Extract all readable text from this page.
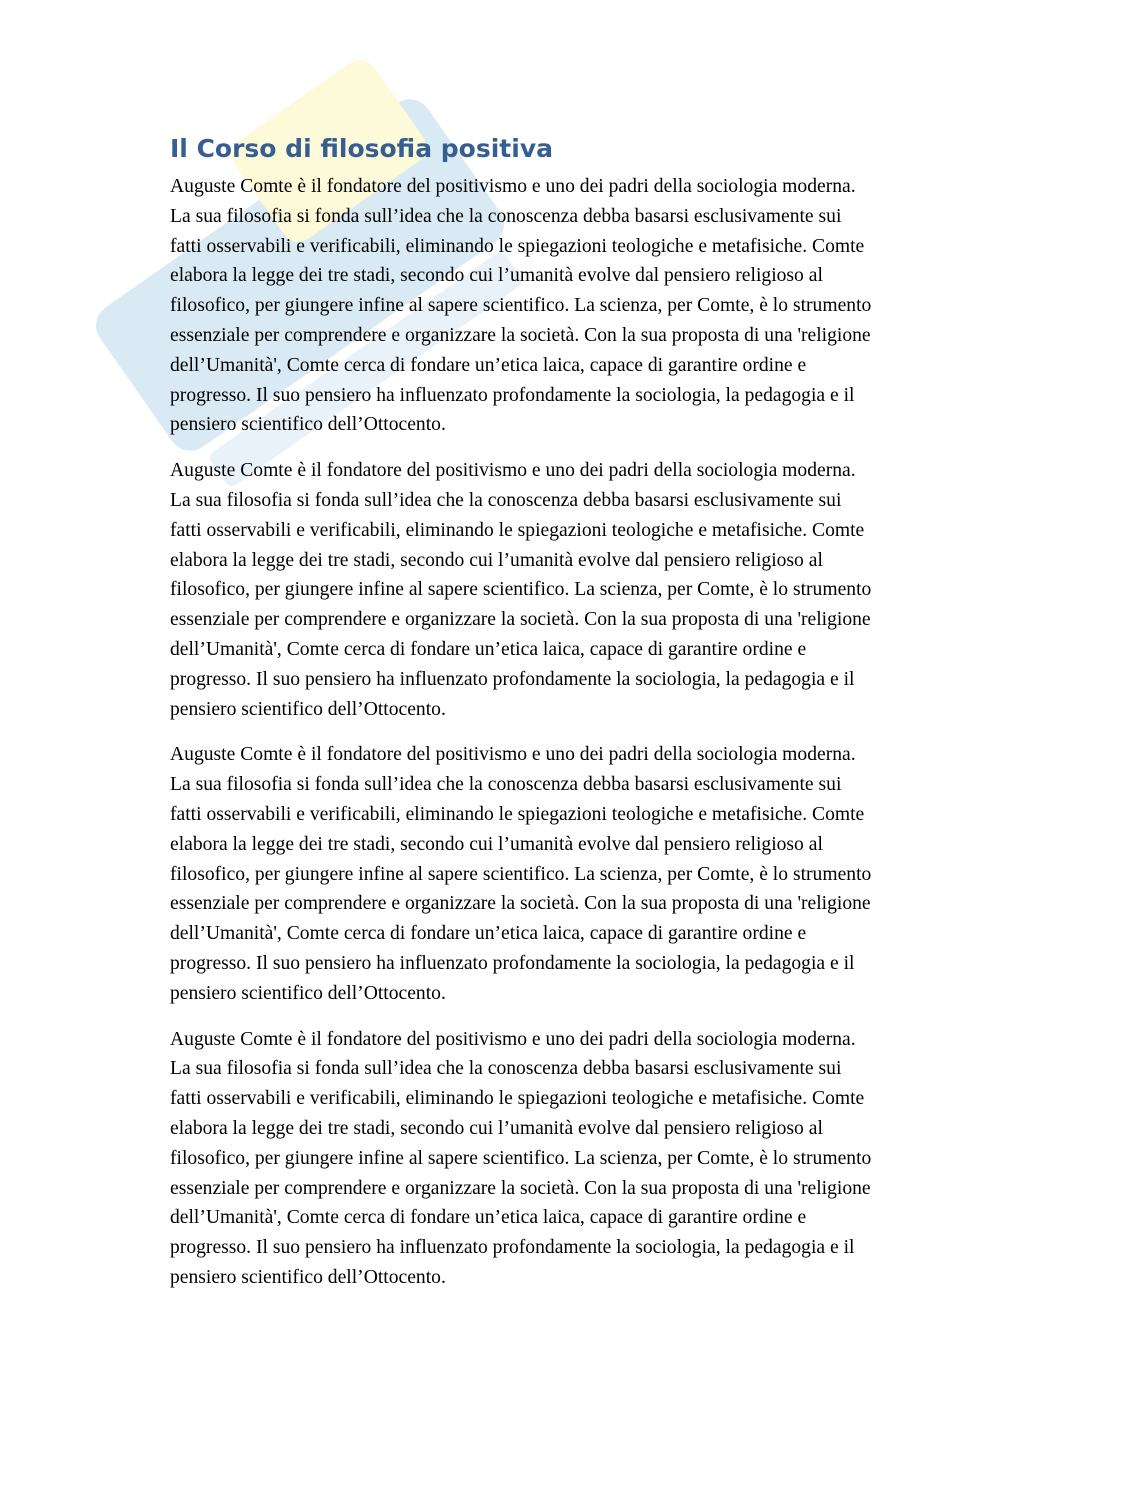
Il Corso di filosofia positiva
Auguste Comte è il fondatore del positivismo e uno dei padri della sociologia moderna.
La sua filosofia si fonda sull’idea che la conoscenza debba basarsi esclusivamente sui
fatti osservabili e verificabili, eliminando le spiegazioni teologiche e metafisiche. Comte
elabora la legge dei tre stadi, secondo cui l’umanità evolve dal pensiero religioso al
filosofico, per giungere infine al sapere scientifico. La scienza, per Comte, è lo strumento
essenziale per comprendere e organizzare la società. Con la sua proposta di una 'religione
dell’Umanità', Comte cerca di fondare un’etica laica, capace di garantire ordine e
progresso. Il suo pensiero ha influenzato profondamente la sociologia, la pedagogia e il
pensiero scientifico dell’Ottocento.
Auguste Comte è il fondatore del positivismo e uno dei padri della sociologia moderna.
La sua filosofia si fonda sull’idea che la conoscenza debba basarsi esclusivamente sui
fatti osservabili e verificabili, eliminando le spiegazioni teologiche e metafisiche. Comte
elabora la legge dei tre stadi, secondo cui l’umanità evolve dal pensiero religioso al
filosofico, per giungere infine al sapere scientifico. La scienza, per Comte, è lo strumento
essenziale per comprendere e organizzare la società. Con la sua proposta di una 'religione
dell’Umanità', Comte cerca di fondare un’etica laica, capace di garantire ordine e
progresso. Il suo pensiero ha influenzato profondamente la sociologia, la pedagogia e il
pensiero scientifico dell’Ottocento.
Auguste Comte è il fondatore del positivismo e uno dei padri della sociologia moderna.
La sua filosofia si fonda sull’idea che la conoscenza debba basarsi esclusivamente sui
fatti osservabili e verificabili, eliminando le spiegazioni teologiche e metafisiche. Comte
elabora la legge dei tre stadi, secondo cui l’umanità evolve dal pensiero religioso al
filosofico, per giungere infine al sapere scientifico. La scienza, per Comte, è lo strumento
essenziale per comprendere e organizzare la società. Con la sua proposta di una 'religione
dell’Umanità', Comte cerca di fondare un’etica laica, capace di garantire ordine e
progresso. Il suo pensiero ha influenzato profondamente la sociologia, la pedagogia e il
pensiero scientifico dell’Ottocento.
Auguste Comte è il fondatore del positivismo e uno dei padri della sociologia moderna.
La sua filosofia si fonda sull’idea che la conoscenza debba basarsi esclusivamente sui
fatti osservabili e verificabili, eliminando le spiegazioni teologiche e metafisiche. Comte
elabora la legge dei tre stadi, secondo cui l’umanità evolve dal pensiero religioso al
filosofico, per giungere infine al sapere scientifico. La scienza, per Comte, è lo strumento
essenziale per comprendere e organizzare la società. Con la sua proposta di una 'religione
dell’Umanità', Comte cerca di fondare un’etica laica, capace di garantire ordine e
progresso. Il suo pensiero ha influenzato profondamente la sociologia, la pedagogia e il
pensiero scientifico dell’Ottocento.
